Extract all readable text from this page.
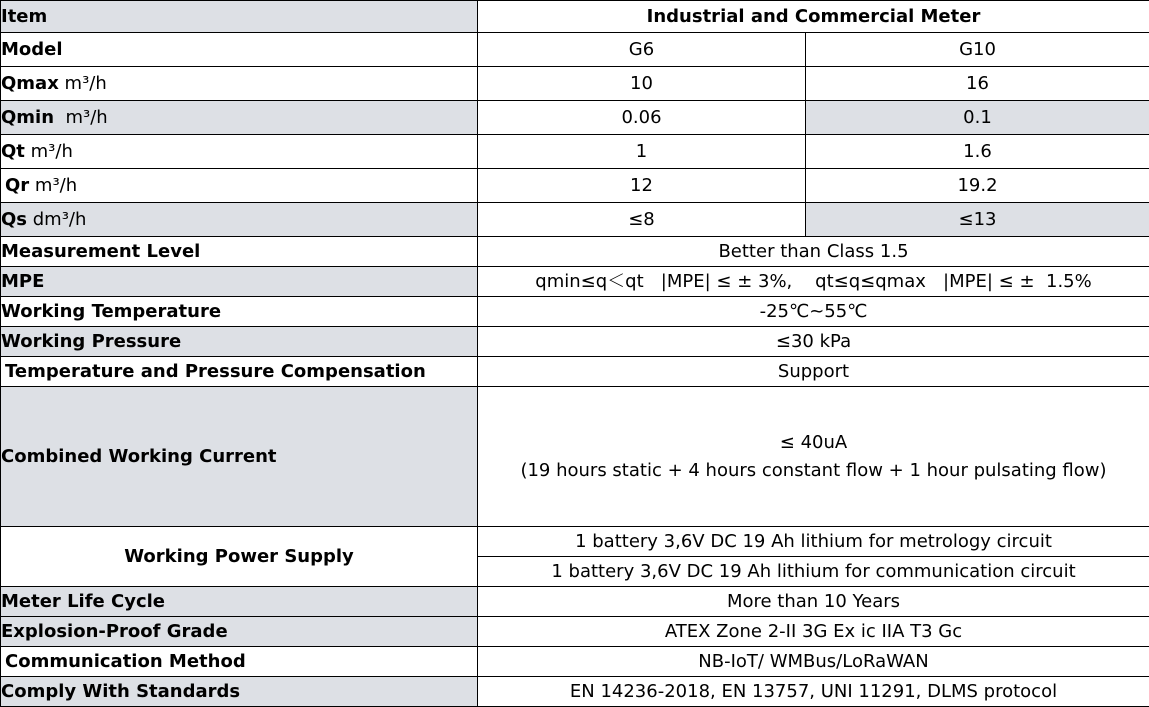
Item	Industrial and Commercial Meter	
Model	G6	G10
Qmax m³/h	10	16
Qmin  m³/h	0.06	0.1
Qt m³/h	1	1.6
Qr m³/h	12	19.2
Qs dm³/h	≤8	≤13
Measurement Level	Better than Class 1.5	
MPE	qmin≤q＜qt   |MPE| ≤ ± 3%,    qt≤q≤qmax   |MPE| ≤ ±  1.5%	
Working Temperature	-25℃~55℃	
Working Pressure	≤30 kPa	
Temperature and Pressure Compensation	Support	
Combined Working Current	≤ 40uA
(19 hours static + 4 hours constant flow + 1 hour pulsating flow)	

Working Power Supply	1 battery 3,6V DC 19 Ah lithium for metrology circuit	
	1 battery 3,6V DC 19 Ah lithium for communication circuit	
Meter Life Cycle	More than 10 Years	
Explosion-Proof Grade	ATEX Zone 2-II 3G Ex ic IIA T3 Gc	
Communication Method	NB-IoT/ WMBus/LoRaWAN	
Comply With Standards	EN 14236-2018, EN 13757, UNI 11291, DLMS protocol	
